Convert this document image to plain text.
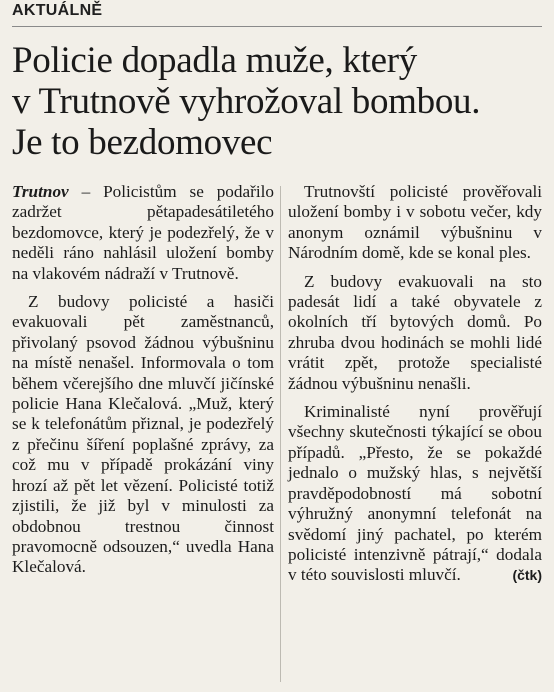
AKTUÁLNĚ
Policie dopadla muže, který
v Trutnově vyhrožoval bombou.
Je to bezdomovec

Trutnov – Policistům se podařilo zadržet pětapadesátiletého bezdomovce, který je podezřelý, že v neděli ráno nahlásil uložení bomby na vlakovém nádraží v Trutnově.

Z budovy policisté a hasiči evakuovali pět zaměstnanců, přivolaný psovod žádnou výbušninu na místě nenašel. Informovala o tom během včerejšího dne mluvčí jičínské policie Hana Klečalová. „Muž, který se k telefonátům přiznal, je podezřelý z přečinu šíření poplašné zprávy, za což mu v případě prokázání viny hrozí až pět let vězení. Policisté totiž zjistili, že již byl v minulosti za obdobnou trestnou činnost pravomocně odsouzen,“ uvedla Hana Klečalová.

Trutnovští policisté prověřovali uložení bomby i v sobotu večer, kdy anonym oznámil výbušninu v Národním domě, kde se konal ples.

Z budovy evakuovali na sto padesát lidí a také obyvatele z okolních tří bytových domů. Po zhruba dvou hodinách se mohli lidé vrátit zpět, protože specialisté žádnou výbušninu nenašli.

Kriminalisté nyní prověřují všechny skutečnosti týkající se obou případů. „Přesto, že se pokaždé jednalo o mužský hlas, s největší pravděpodobností má sobotní výhružný anonymní telefonát na svědomí jiný pachatel, po kterém policisté intenzivně pátrají,“ dodala v této souvislosti mluvčí.	(čtk)
